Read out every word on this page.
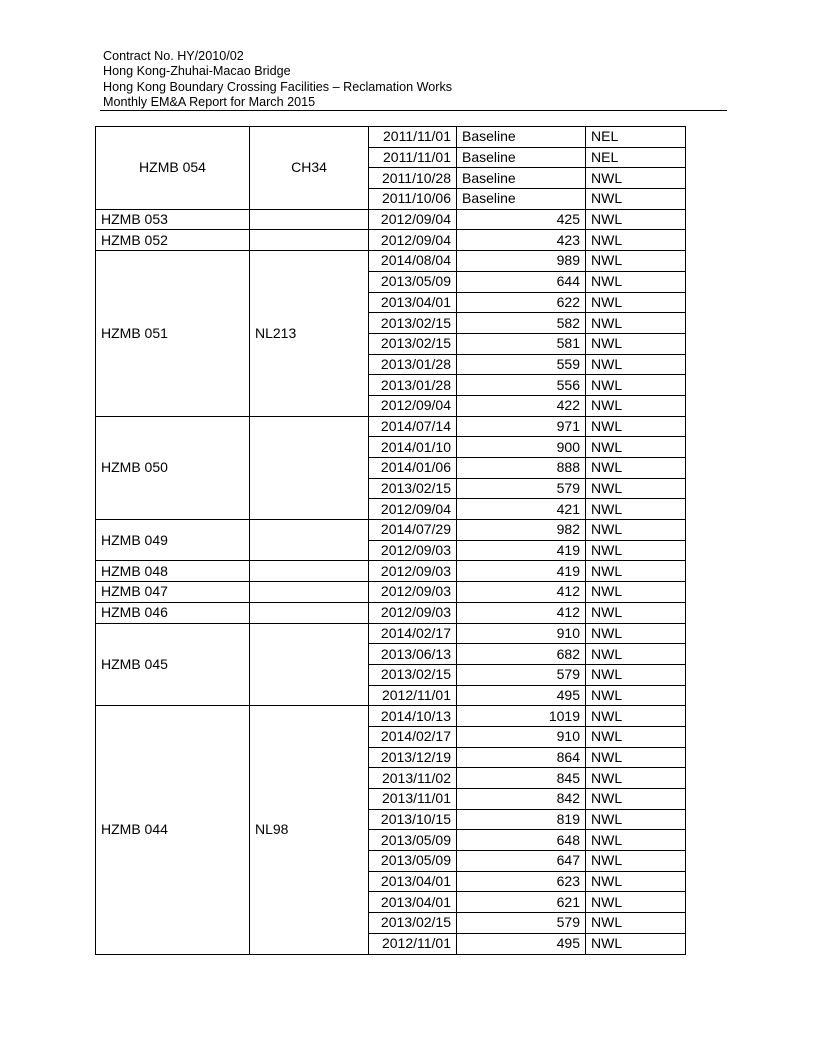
Contract No. HY/2010/02
Hong Kong-Zhuhai-Macao Bridge
Hong Kong Boundary Crossing Facilities – Reclamation Works
Monthly EM&A Report for March 2015
HZMB 054	CH34	2011/11/01	Baseline	NEL
		2011/11/01	Baseline	NEL
		2011/10/28	Baseline	NWL
		2011/10/06	Baseline	NWL
HZMB 053		2012/09/04	425	NWL
HZMB 052		2012/09/04	423	NWL
HZMB 051	NL213	2014/08/04	989	NWL
		2013/05/09	644	NWL
		2013/04/01	622	NWL
		2013/02/15	582	NWL
		2013/02/15	581	NWL
		2013/01/28	559	NWL
		2013/01/28	556	NWL
		2012/09/04	422	NWL
HZMB 050		2014/07/14	971	NWL
		2014/01/10	900	NWL
		2014/01/06	888	NWL
		2013/02/15	579	NWL
		2012/09/04	421	NWL
HZMB 049		2014/07/29	982	NWL
		2012/09/03	419	NWL
HZMB 048		2012/09/03	419	NWL
HZMB 047		2012/09/03	412	NWL
HZMB 046		2012/09/03	412	NWL
HZMB 045		2014/02/17	910	NWL
		2013/06/13	682	NWL
		2013/02/15	579	NWL
		2012/11/01	495	NWL
HZMB 044	NL98	2014/10/13	1019	NWL
		2014/02/17	910	NWL
		2013/12/19	864	NWL
		2013/11/02	845	NWL
		2013/11/01	842	NWL
		2013/10/15	819	NWL
		2013/05/09	648	NWL
		2013/05/09	647	NWL
		2013/04/01	623	NWL
		2013/04/01	621	NWL
		2013/02/15	579	NWL
		2012/11/01	495	NWL
